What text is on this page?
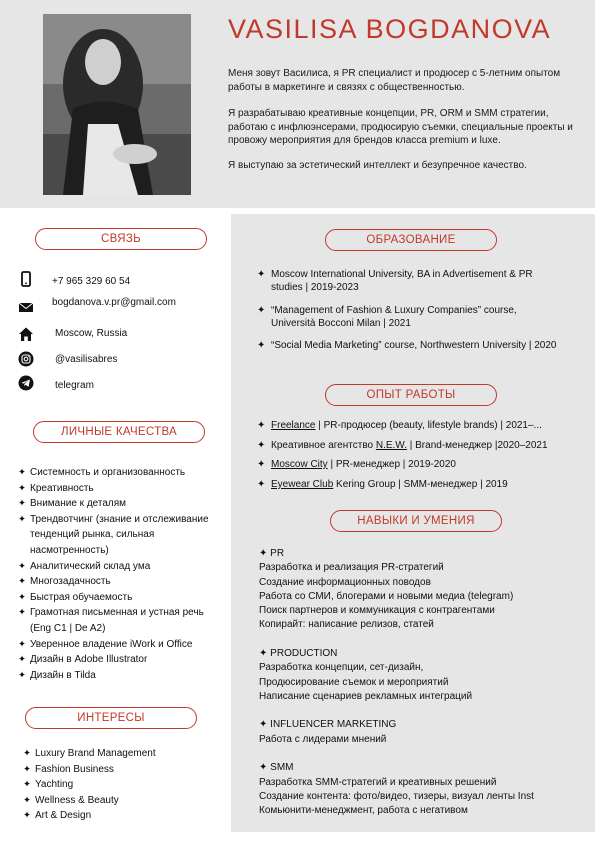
VASILISA BOGDANOVA

Меня зовут Василиса, я PR специалист и продюсер с 5-летним опытом работы в маркетинге и связях с общественностью.

Я разрабатываю креативные концепции, PR, ORM и SMM стратегии, работаю с инфлюэнсерами, продюсирую съемки, специальные проекты и провожу мероприятия для брендов класса premium и luxe.

Я выступаю за эстетический интеллект и безупречное качество.

СВЯЗЬ
+7 965 329 60 54
bogdanova.v.pr@gmail.com
Moscow, Russia
@vasilisabres
telegram
ЛИЧНЫЕ КАЧЕСТВА
✦ Системность и организованность
✦ Креативность
✦ Внимание к деталям
✦ Трендвотчинг (знание и отслеживание тенденций рынка, сильная насмотренность)
✦ Аналитический склад ума
✦ Многозадачность
✦ Быстрая обучаемость
✦ Грамотная письменная и устная речь (Eng C1 | De A2)
✦ Уверенное владение iWork и Office
✦ Дизайн в Adobe Illustrator
✦ Дизайн в Tilda
ИНТЕРЕСЫ
✦ Luxury Brand Management
✦ Fashion Business
✦ Yachting
✦ Wellness & Beauty
✦ Art & Design
ОБРАЗОВАНИЕ
✦ Moscow International University, BA in Advertisement & PR studies | 2019-2023
✦ “Management of Fashion & Luxury Companies” course, Università Bocconi Milan | 2021
✦ “Social Media Marketing” course, Northwestern University | 2020
ОПЫТ РАБОТЫ
✦ Freelance | PR-продюсер (beauty, lifestyle brands) | 2021–...
✦ Креативное агентство N.E.W. | Brand-менеджер |2020–2021
✦ Moscow City | PR-менеджер | 2019-2020
✦ Eyewear Club Kering Group | SMM-менеджер | 2019
НАВЫКИ И УМЕНИЯ
✦ PR
Разработка и реализация PR-стратегий
Создание информационных поводов
Работа со СМИ, блогерами и новыми медиа (telegram)
Поиск партнеров и коммуникация с контрагентами
Копирайт: написание релизов, статей
✦ PRODUCTION
Разработка концепции, сет-дизайн,
Продюсирование съемок и мероприятий
Написание сценариев рекламных интеграций
✦ INFLUENCER MARKETING
Работа с лидерами мнений
✦ SMM
Разработка SMM-стратегий и креативных решений
Создание контента: фото/видео, тизеры, визуал ленты Inst
Комьюнити-менеджмент, работа с негативом
